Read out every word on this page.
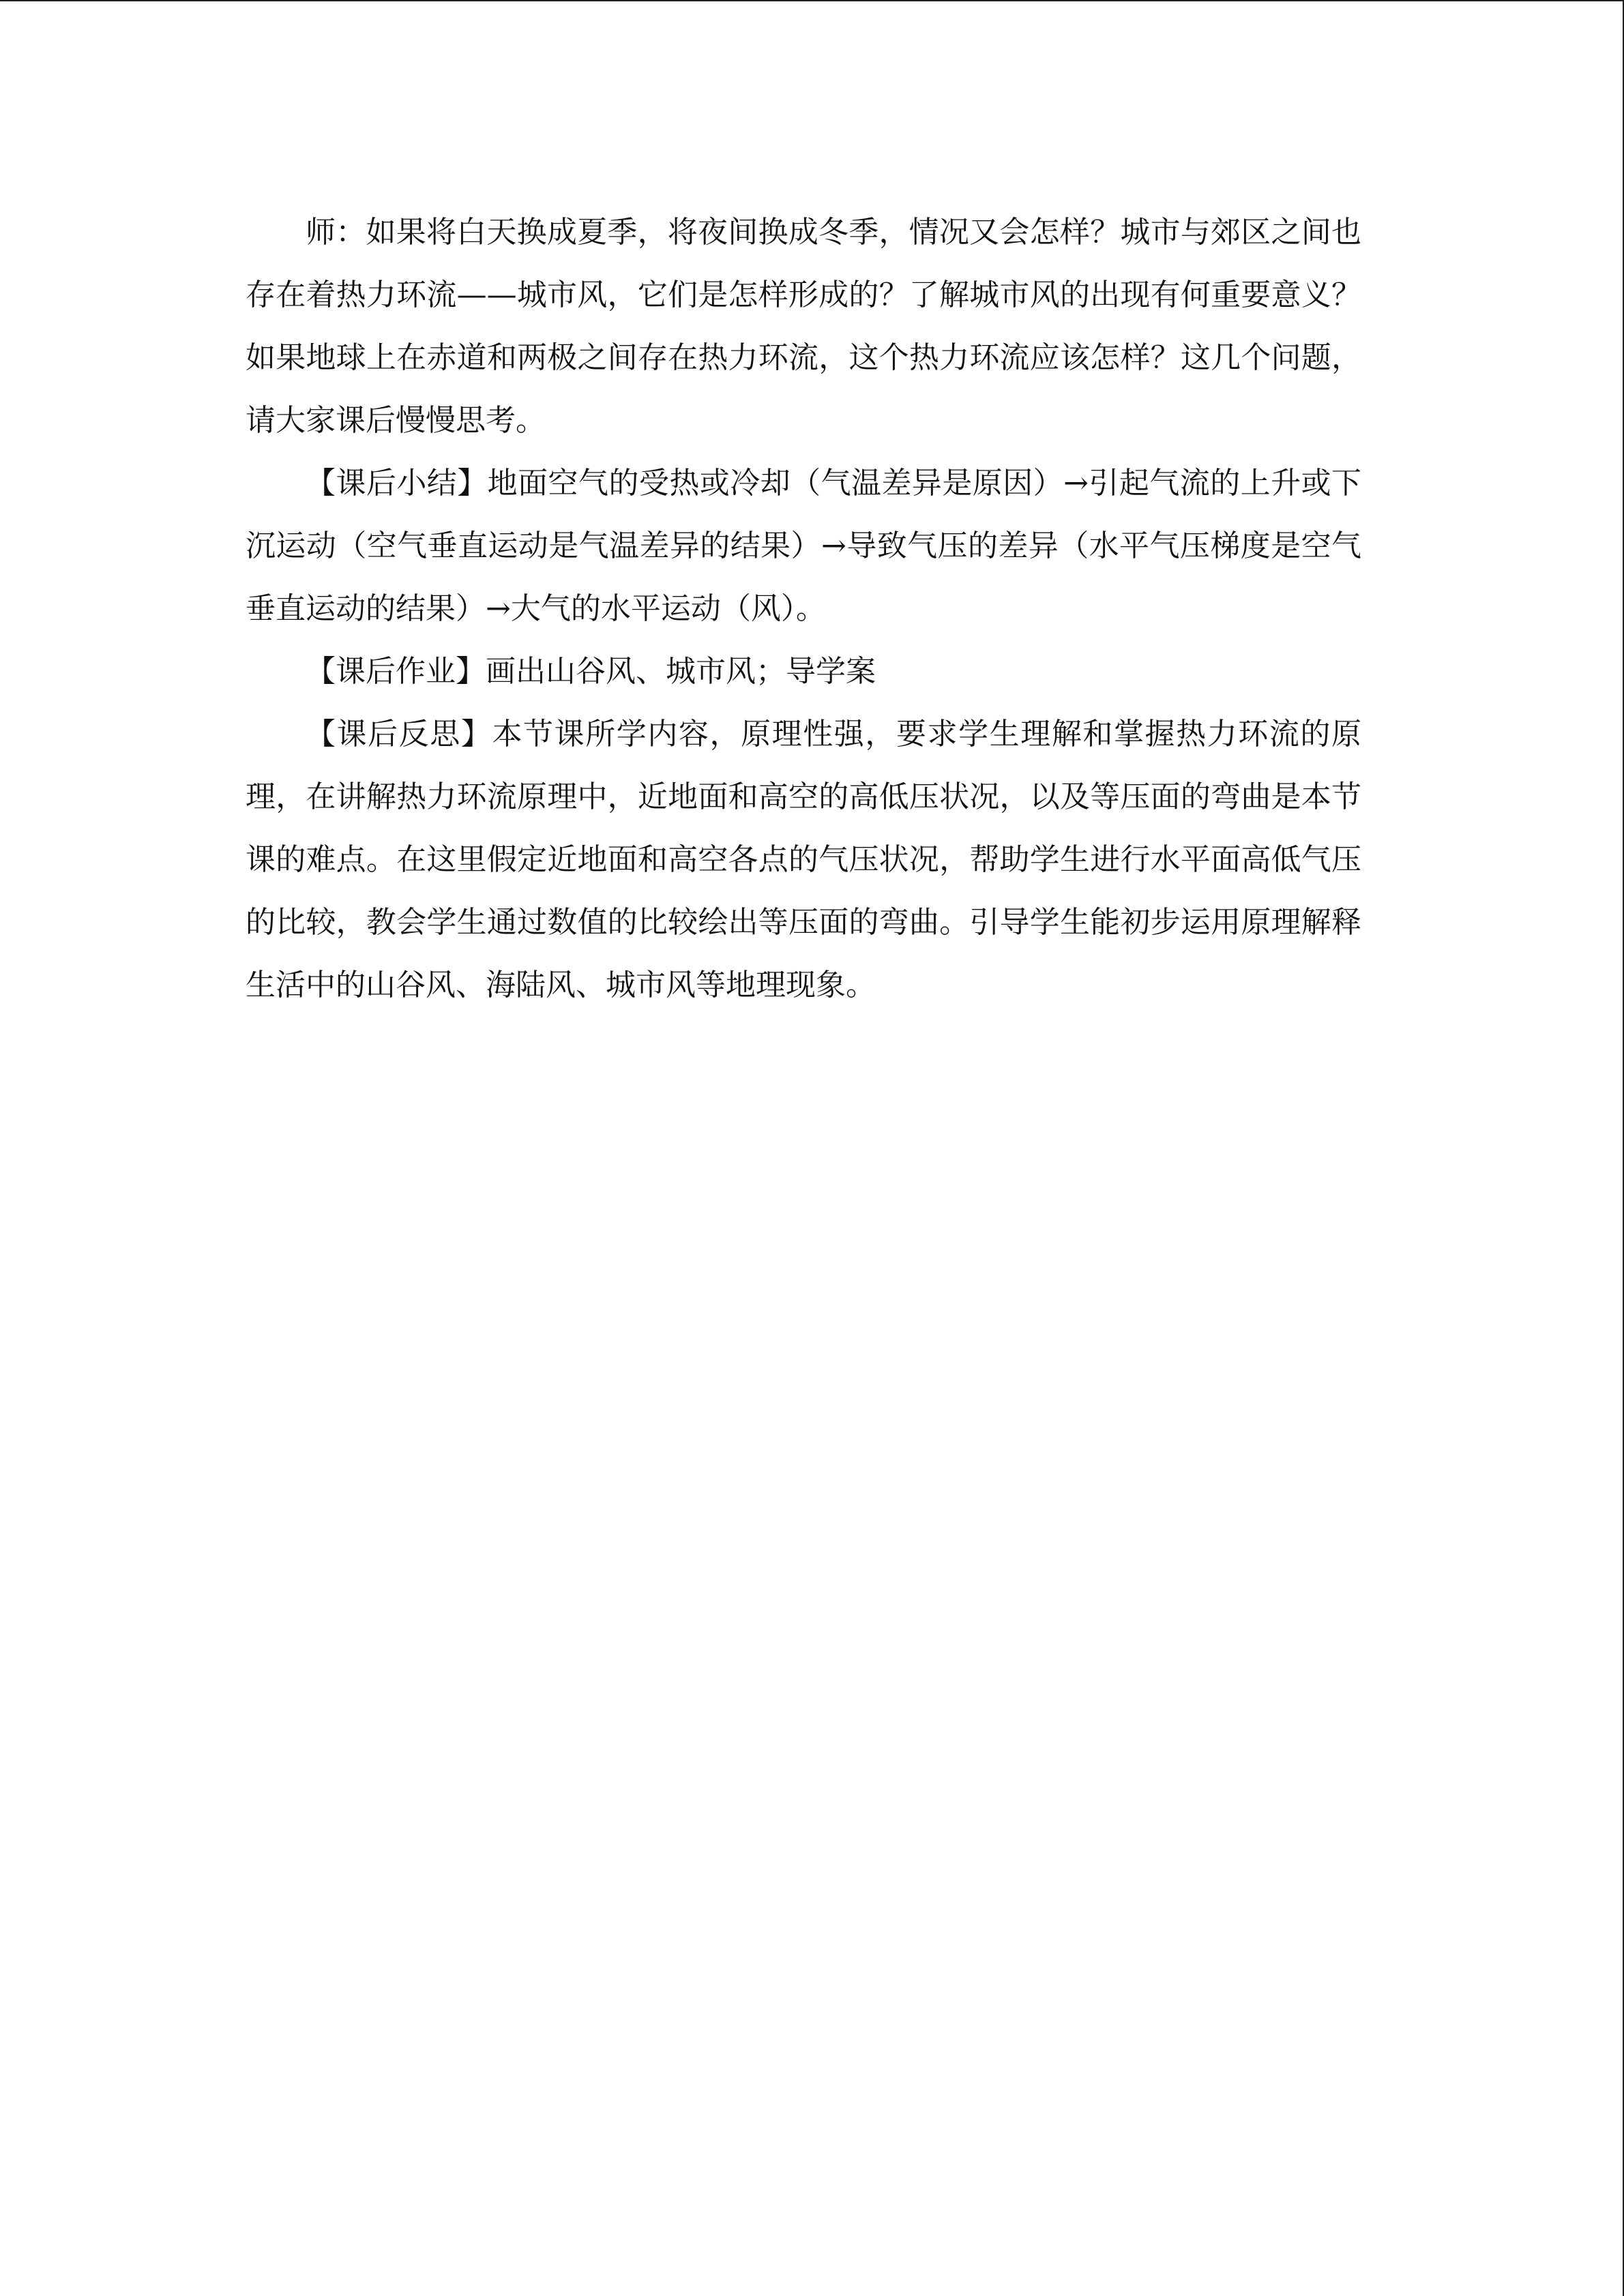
师：如果将白天换成夏季，将夜间换成冬季，情况又会怎样？城市与郊区之间也存在着热力环流——城市风，它们是怎样形成的？了解城市风的出现有何重要意义？如果地球上在赤道和两极之间存在热力环流，这个热力环流应该怎样？这几个问题，请大家课后慢慢思考。

【课后小结】地面空气的受热或冷却（气温差异是原因）→引起气流的上升或下沉运动（空气垂直运动是气温差异的结果）→导致气压的差异（水平气压梯度是空气垂直运动的结果）→大气的水平运动（风）。

【课后作业】画出山谷风、城市风；导学案

【课后反思】本节课所学内容，原理性强，要求学生理解和掌握热力环流的原理，在讲解热力环流原理中，近地面和高空的高低压状况，以及等压面的弯曲是本节课的难点。在这里假定近地面和高空各点的气压状况，帮助学生进行水平面高低气压的比较，教会学生通过数值的比较绘出等压面的弯曲。引导学生能初步运用原理解释生活中的山谷风、海陆风、城市风等地理现象。
